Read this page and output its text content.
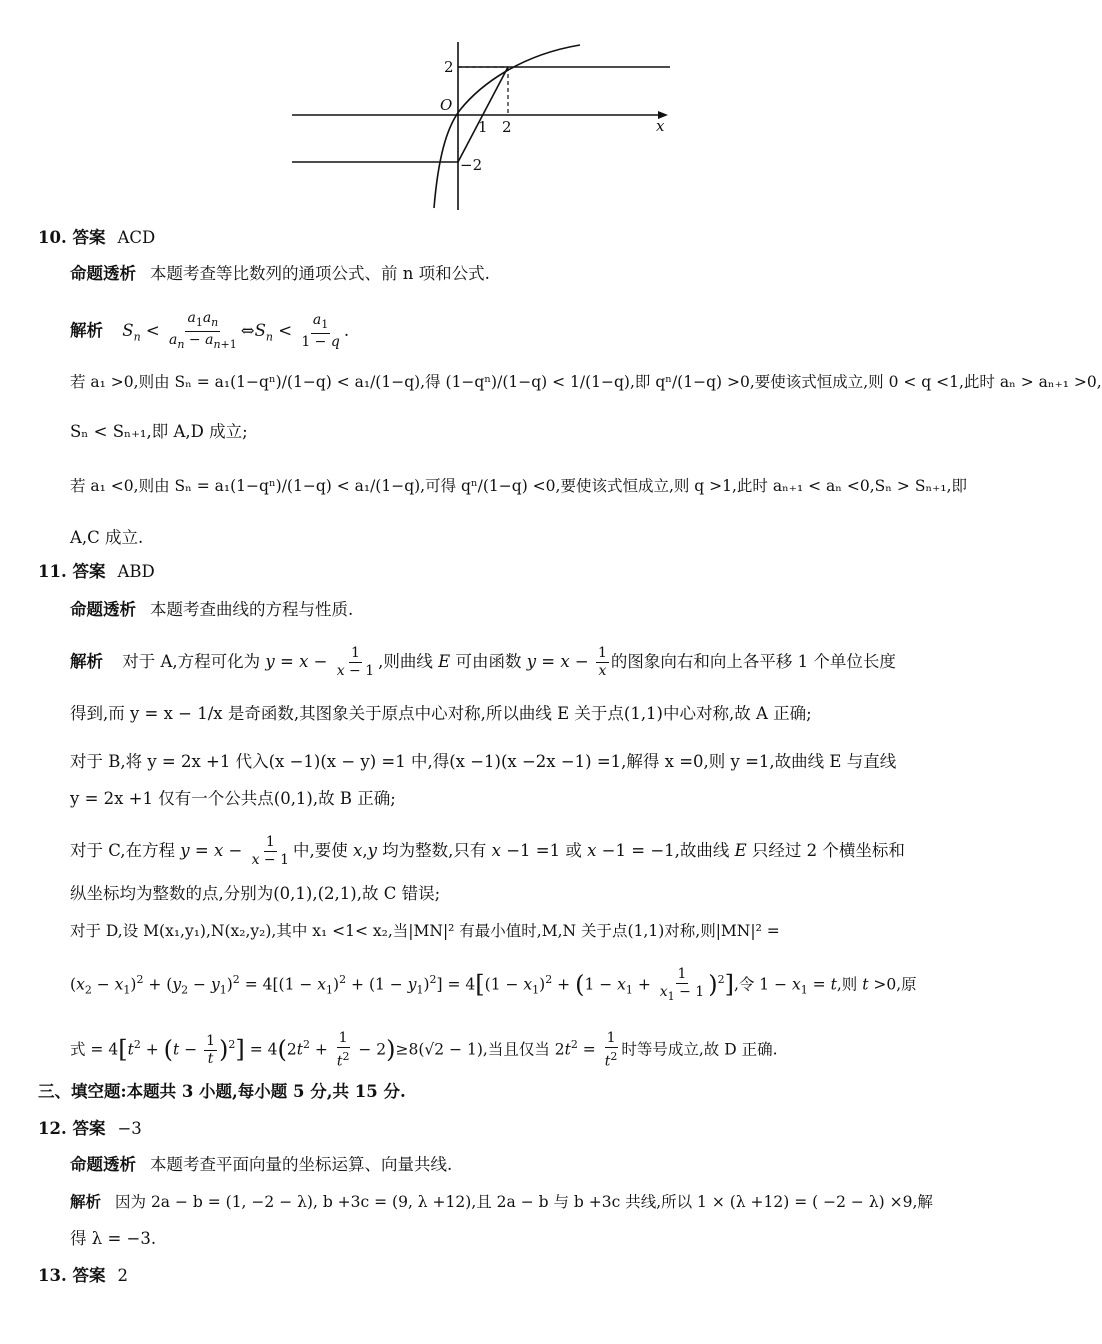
2
O
1 2	x
−2
10. 答案 ACD
命题透析 本题考查等比数列的通项公式、前 n 项和公式.
解析 $S_n < \frac{a_1a_n}{a_n - a_{n+1}}$ $\Leftrightarrow S_n < \frac{a_1}{1 - q}$ .
若 a₁ >0,则由 Sₙ = a₁(1−qⁿ)/(1−q) < a₁/(1−q),得 (1−qⁿ)/(1−q) < 1/(1−q),即 qⁿ/(1−q) >0,要使该式恒成立,则 0 < q <1,此时 aₙ > aₙ₊₁ >0,
Sₙ < Sₙ₊₁,即 A,D 成立;
若 a₁ <0,则由 Sₙ = a₁(1−qⁿ)/(1−q) < a₁/(1−q),可得 qⁿ/(1−q) <0,要使该式恒成立,则 q >1,此时 aₙ₊₁ < aₙ <0,Sₙ > Sₙ₊₁,即
A,C 成立.
11. 答案 ABD
命题透析 本题考查曲线的方程与性质.
解析 对于 A,方程可化为 $y = x - \frac{1}{x - 1}$ ,则曲线 E 可由函数 $y = x - \frac{1}{x}$ 的图象向右和向上各平移 1 个单位长度
得到,而 y = x − 1/x 是奇函数,其图象关于原点中心对称,所以曲线 E 关于点(1,1)中心对称,故 A 正确;
对于 B,将 y = 2x +1 代入(x −1)(x − y) =1 中,得(x −1)(x −2x −1) =1,解得 x =0,则 y =1,故曲线 E 与直线
y = 2x +1 仅有一个公共点(0,1),故 B 正确;
对于 C,在方程 $y = x - \frac{1}{x - 1}$ 中,要使 x,y 均为整数,只有 x −1 =1 或 x −1 = −1,故曲线 E 只经过 2 个横坐标和
纵坐标均为整数的点,分别为(0,1),(2,1),故 C 错误;
对于 D,设 M(x₁,y₁),N(x₂,y₂),其中 x₁ <1< x₂,当|MN|² 有最小值时,M,N 关于点(1,1)对称,则|MN|² =
$(x_2 - x_1)^2 + (y_2 - y_1)^2 = 4[(1 - x_1)^2 + (1 - y_1)^2] = 4[(1 - x_1)^2 + (1 - x_1 + \frac{1}{x_1 - 1} )^2]$,令 $1 - x_1 = t$,则 t >0,原
式 = $4[t^2 + (t - \frac{1}{t} )^2] = 4(2t^2 + \frac{1}{t^2} - 2)\ge 8(√2 - 1)$,当且仅当 $2t^2 = \frac{1}{t^2}$ 时等号成立,故 D 正确.
三、填空题:本题共 3 小题,每小题 5 分,共 15 分.
12. 答案 −3
命题透析 本题考查平面向量的坐标运算、向量共线.
解析 因为 2a − b = (1, −2 − λ), b +3c = (9, λ +12),且 2a − b 与 b +3c 共线,所以 1 × (λ +12) = ( −2 − λ) ×9,解
得 λ = −3.
13. 答案 2
